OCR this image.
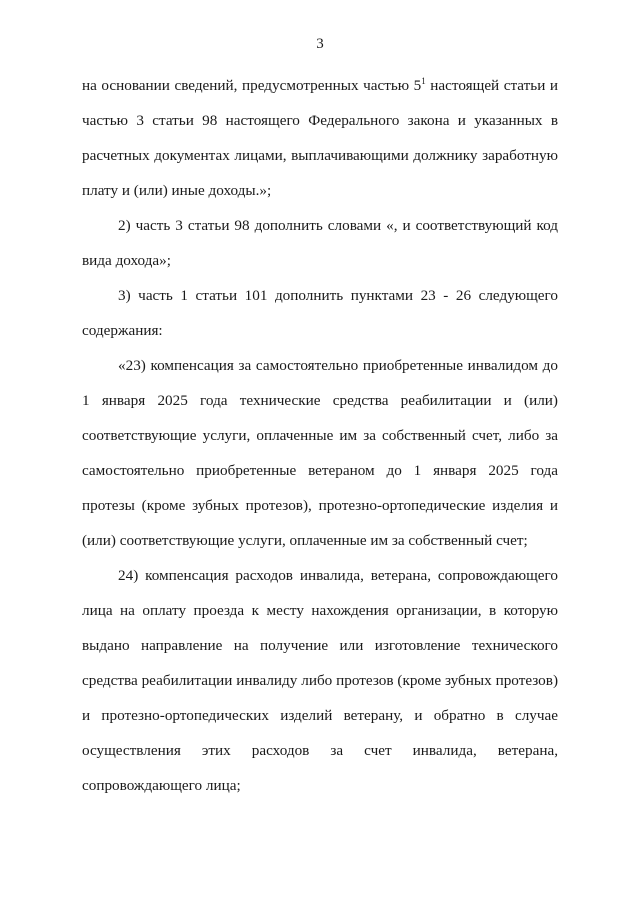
3

на основании сведений, предусмотренных частью $5^1$ настоящей статьи и частью 3 статьи 98 настоящего Федерального закона и указанных в расчетных документах лицами, выплачивающими должнику заработную плату и (или) иные доходы.»;

2) часть 3 статьи 98 дополнить словами «, и соответствующий код вида дохода»;

3) часть 1 статьи 101 дополнить пунктами 23 - 26 следующего содержания:

«23) компенсация за самостоятельно приобретенные инвалидом до 1 января 2025 года технические средства реабилитации и (или) соответствующие услуги, оплаченные им за собственный счет, либо за самостоятельно приобретенные ветераном до 1 января 2025 года протезы (кроме зубных протезов), протезно-ортопедические изделия и (или) соответствующие услуги, оплаченные им за собственный счет;

24) компенсация расходов инвалида, ветерана, сопровождающего лица на оплату проезда к месту нахождения организации, в которую выдано направление на получение или изготовление технического средства реабилитации инвалиду либо протезов (кроме зубных протезов) и протезно-ортопедических изделий ветерану, и обратно в случае осуществления этих расходов за счет инвалида, ветерана, сопровождающего лица;
